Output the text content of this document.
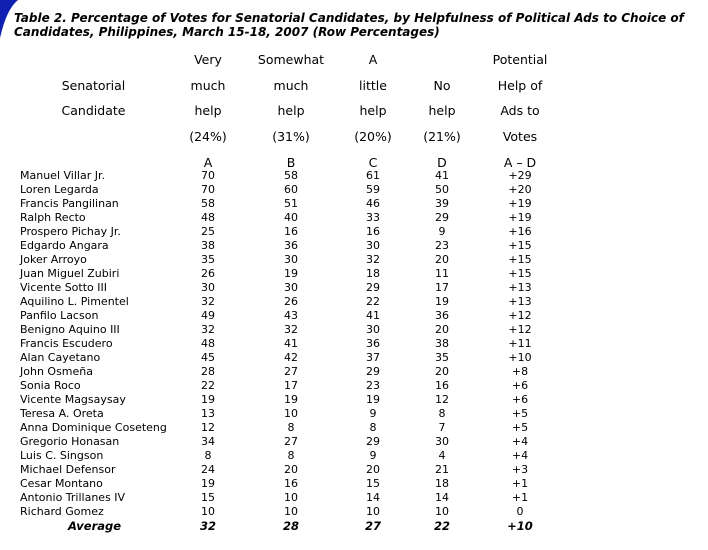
Table 2. Percentage of Votes for Senatorial Candidates, by Helpfulness of Political Ads to Choice of Candidates, Philippines, March 15-18, 2007 (Row Percentages)
Senatorial
Candidate
Very
much
help
(24%)
A
Somewhat
much
help
(31%)
B
A
little
help
(20%)
C
No
help
(21%)
D
Potential
Help of
Ads to
Votes
A – D
Manuel Villar Jr.	70	58	61	41	+29
Loren Legarda	70	60	59	50	+20
Francis Pangilinan	58	51	46	39	+19
Ralph Recto	48	40	33	29	+19
Prospero Pichay Jr.	25	16	16	9	+16
Edgardo Angara	38	36	30	23	+15
Joker Arroyo	35	30	32	20	+15
Juan Miguel Zubiri	26	19	18	11	+15
Vicente Sotto III	30	30	29	17	+13
Aquilino L. Pimentel	32	26	22	19	+13
Panfilo Lacson	49	43	41	36	+12
Benigno Aquino III	32	32	30	20	+12
Francis Escudero	48	41	36	38	+11
Alan Cayetano	45	42	37	35	+10
John Osmeña	28	27	29	20	+8
Sonia Roco	22	17	23	16	+6
Vicente Magsaysay	19	19	19	12	+6
Teresa A. Oreta	13	10	9	8	+5
Anna Dominique Coseteng	12	8	8	7	+5
Gregorio Honasan	34	27	29	30	+4
Luis C. Singson	8	8	9	4	+4
Michael Defensor	24	20	20	21	+3
Cesar Montano	19	16	15	18	+1
Antonio Trillanes IV	15	10	14	14	+1
Richard Gomez	10	10	10	10	0
Average	32	28	27	22	+10
